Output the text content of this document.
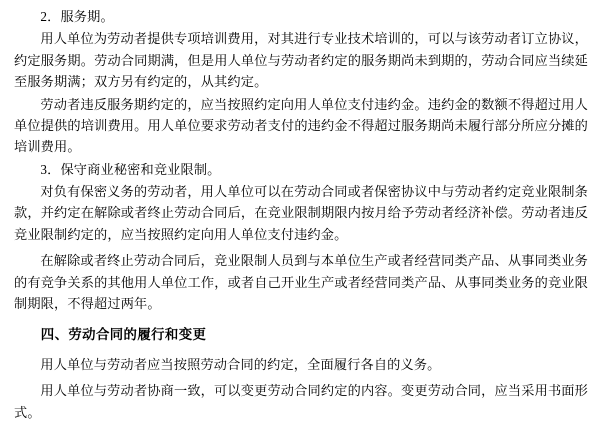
2．服务期。

用人单位为劳动者提供专项培训费用，对其进行专业技术培训的，可以与该劳动者订立协议，约定服务期。劳动合同期满，但是用人单位与劳动者约定的服务期尚未到期的，劳动合同应当续延至服务期满；双方另有约定的，从其约定。

劳动者违反服务期约定的，应当按照约定向用人单位支付违约金。违约金的数额不得超过用人单位提供的培训费用。用人单位要求劳动者支付的违约金不得超过服务期尚未履行部分所应分摊的培训费用。

3．保守商业秘密和竞业限制。

对负有保密义务的劳动者，用人单位可以在劳动合同或者保密协议中与劳动者约定竞业限制条款，并约定在解除或者终止劳动合同后，在竞业限制期限内按月给予劳动者经济补偿。劳动者违反竞业限制约定的，应当按照约定向用人单位支付违约金。

在解除或者终止劳动合同后，竞业限制人员到与本单位生产或者经营同类产品、从事同类业务的有竞争关系的其他用人单位工作，或者自己开业生产或者经营同类产品、从事同类业务的竞业限制期限，不得超过两年。

四、劳动合同的履行和变更

用人单位与劳动者应当按照劳动合同的约定，全面履行各自的义务。

用人单位与劳动者协商一致，可以变更劳动合同约定的内容。变更劳动合同，应当采用书面形式。
